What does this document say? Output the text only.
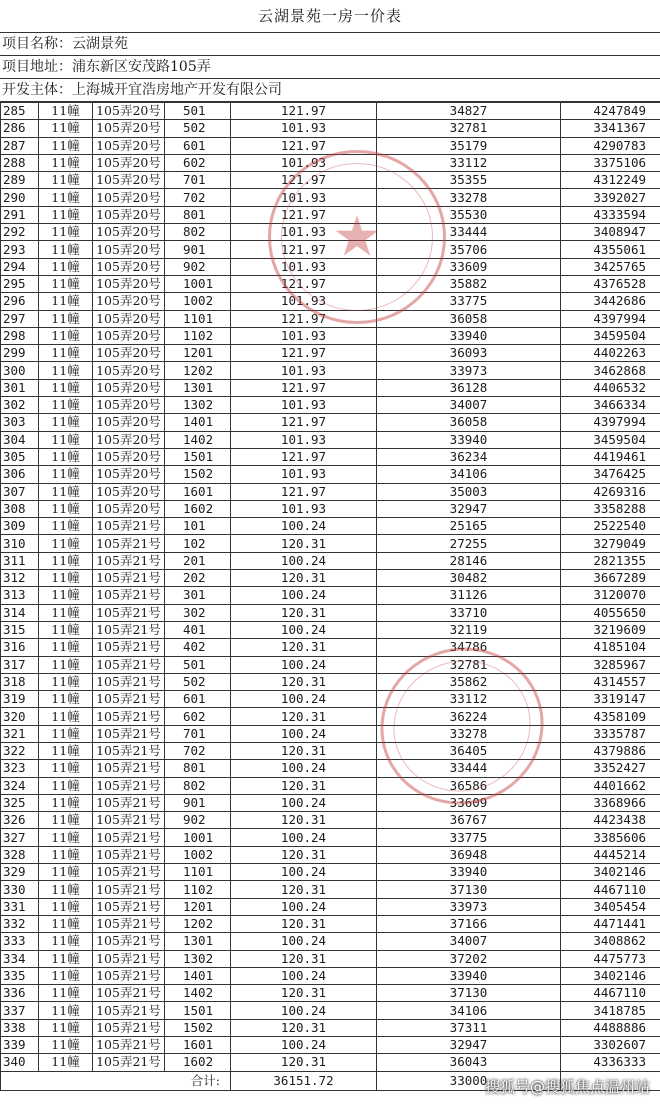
云湖景苑一房一价表
项目名称：云湖景苑
项目地址：浦东新区安茂路105弄
开发主体：上海城开宜浩房地产开发有限公司
285	11幢	105弄20号	501	121.97	34827	4247849
286	11幢	105弄20号	502	101.93	32781	3341367
287	11幢	105弄20号	601	121.97	35179	4290783
288	11幢	105弄20号	602	101.93	33112	3375106
289	11幢	105弄20号	701	121.97	35355	4312249
290	11幢	105弄20号	702	101.93	33278	3392027
291	11幢	105弄20号	801	121.97	35530	4333594
292	11幢	105弄20号	802	101.93	33444	3408947
293	11幢	105弄20号	901	121.97	35706	4355061
294	11幢	105弄20号	902	101.93	33609	3425765
295	11幢	105弄20号	1001	121.97	35882	4376528
296	11幢	105弄20号	1002	101.93	33775	3442686
297	11幢	105弄20号	1101	121.97	36058	4397994
298	11幢	105弄20号	1102	101.93	33940	3459504
299	11幢	105弄20号	1201	121.97	36093	4402263
300	11幢	105弄20号	1202	101.93	33973	3462868
301	11幢	105弄20号	1301	121.97	36128	4406532
302	11幢	105弄20号	1302	101.93	34007	3466334
303	11幢	105弄20号	1401	121.97	36058	4397994
304	11幢	105弄20号	1402	101.93	33940	3459504
305	11幢	105弄20号	1501	121.97	36234	4419461
306	11幢	105弄20号	1502	101.93	34106	3476425
307	11幢	105弄20号	1601	121.97	35003	4269316
308	11幢	105弄20号	1602	101.93	32947	3358288
309	11幢	105弄21号	101	100.24	25165	2522540
310	11幢	105弄21号	102	120.31	27255	3279049
311	11幢	105弄21号	201	100.24	28146	2821355
312	11幢	105弄21号	202	120.31	30482	3667289
313	11幢	105弄21号	301	100.24	31126	3120070
314	11幢	105弄21号	302	120.31	33710	4055650
315	11幢	105弄21号	401	100.24	32119	3219609
316	11幢	105弄21号	402	120.31	34786	4185104
317	11幢	105弄21号	501	100.24	32781	3285967
318	11幢	105弄21号	502	120.31	35862	4314557
319	11幢	105弄21号	601	100.24	33112	3319147
320	11幢	105弄21号	602	120.31	36224	4358109
321	11幢	105弄21号	701	100.24	33278	3335787
322	11幢	105弄21号	702	120.31	36405	4379886
323	11幢	105弄21号	801	100.24	33444	3352427
324	11幢	105弄21号	802	120.31	36586	4401662
325	11幢	105弄21号	901	100.24	33609	3368966
326	11幢	105弄21号	902	120.31	36767	4423438
327	11幢	105弄21号	1001	100.24	33775	3385606
328	11幢	105弄21号	1002	120.31	36948	4445214
329	11幢	105弄21号	1101	100.24	33940	3402146
330	11幢	105弄21号	1102	120.31	37130	4467110
331	11幢	105弄21号	1201	100.24	33973	3405454
332	11幢	105弄21号	1202	120.31	37166	4471441
333	11幢	105弄21号	1301	100.24	34007	3408862
334	11幢	105弄21号	1302	120.31	37202	4475773
335	11幢	105弄21号	1401	100.24	33940	3402146
336	11幢	105弄21号	1402	120.31	37130	4467110
337	11幢	105弄21号	1501	100.24	34106	3418785
338	11幢	105弄21号	1502	120.31	37311	4488886
339	11幢	105弄21号	1601	100.24	32947	3302607
340	11幢	105弄21号	1602	120.31	36043	4336333
合计:				36151.72	33000	
★
搜狐号@搜狐焦点温州站
